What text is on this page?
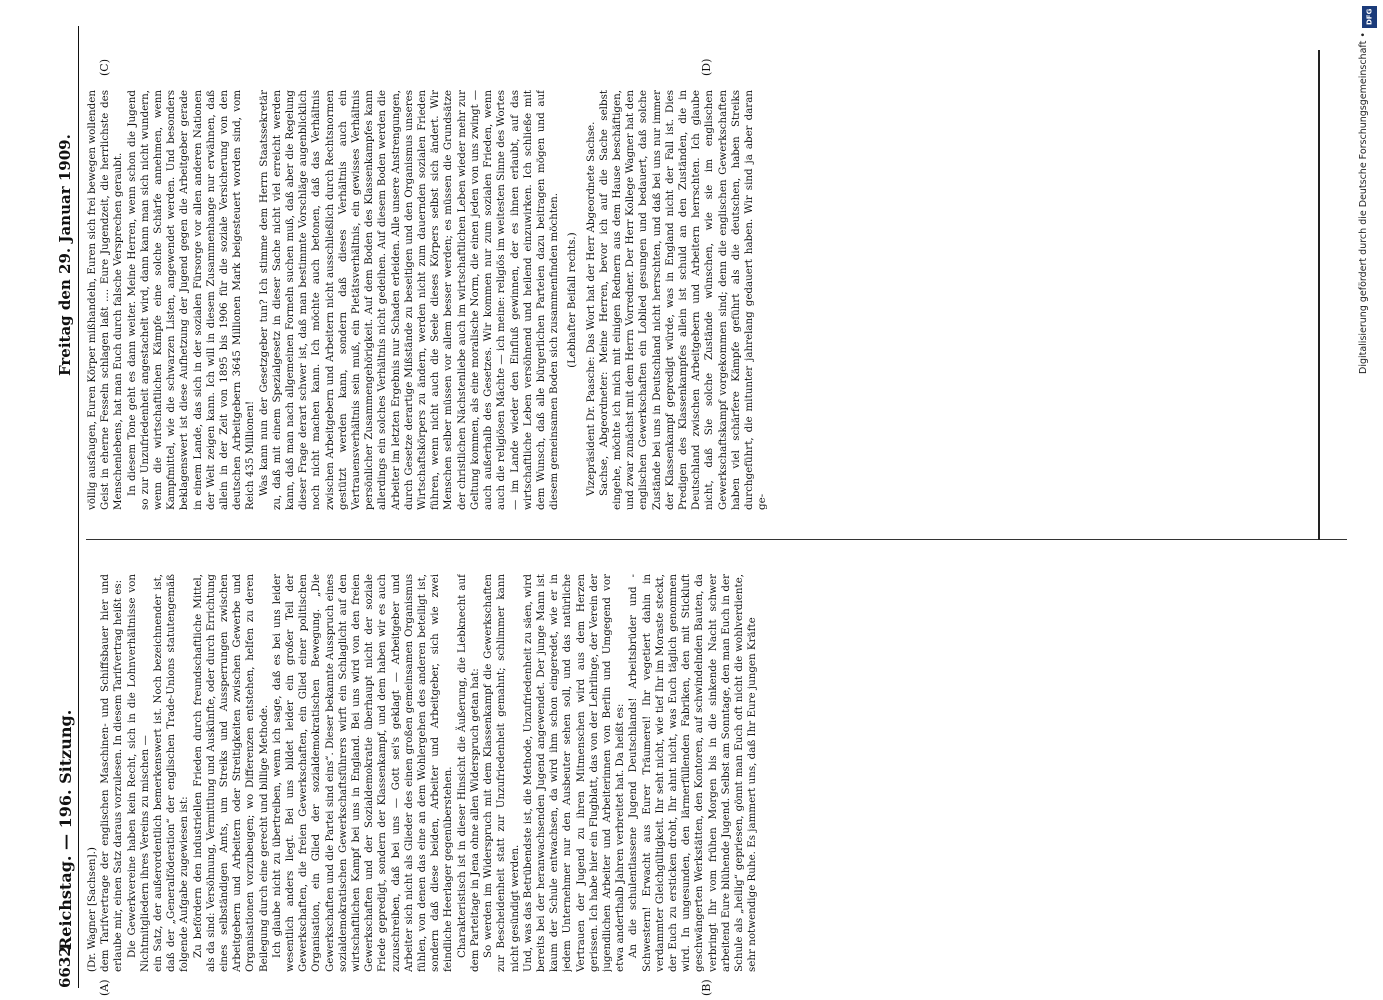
6632
Reichstag. — 196. Sitzung.
Freitag den 29. Januar 1909.
(A)	(B)
(C)	(D)

(Dr. Wagner [Sachsen].) dem Tarifvertrage der englischen Maschinen- und Schiffsbauer hier und erlaube mir, einen Satz daraus vorzulesen. In diesem Tarifvertrag heißt es: Die Gewerkvereine haben kein Recht, sich in die Lohnverhältnisse von Nichtmitgliedern ihres Vereins zu mischen — ein Satz, der außerordentlich bemerkenswert ist. Noch bezeichnender ist, daß der „Generalföderation“ der englischen Trade-Unions statutengemäß folgende Aufgabe zugewiesen ist: Zu befördern den industriellen Frieden durch freundschaftliche Mittel, als da sind: Versöhnung, Vermittlung und Auskünfte, oder durch Errichtung eines selbständigen Amts, um Streiks und Aussperrungen zwischen Arbeitgebern und Arbeitern oder Streitigkeiten zwischen Gewerbe und Organisationen vorzubeugen; wo Differenzen entstehen, helfen zu deren Beilegung durch eine gerecht und billige Methode. Ich glaube nicht zu übertreiben, wenn ich sage, daß es bei uns leider wesentlich anders liegt. Bei uns bildet leider ein großer Teil der Gewerkschaften, die freien Gewerkschaften, ein Glied einer politischen Organisation, ein Glied der sozialdemokratischen Bewegung. „Die Gewerkschaften und die Partei sind eins“. Dieser bekannte Ausspruch eines sozialdemokratischen Gewerkschaftsführers wirft ein Schlaglicht auf den wirtschaftlichen Kampf bei uns in England. Bei uns wird von den freien Gewerkschaften und der Sozialdemokratie überhaupt nicht der soziale Friede gepredigt, sondern der Klassenkampf, und dem haben wir es auch zuzuschreiben, daß bei uns — Gott sei's geklagt — Arbeitgeber und Arbeiter sich nicht als Glieder des einen großen gemeinsamen Organismus fühlen, von denen das eine an dem Wohlergehen des anderen beteiligt ist, sondern daß diese beiden, Arbeiter und Arbeitgeber, sich wie zwei feindliche Heerlager gegenüberstehen. Charakteristisch ist in dieser Hinsicht die Äußerung, die Liebknecht auf dem Parteitage in Jena ohne allen Widerspruch getan hat: So werden im Widerspruch mit dem Klassenkampf die Gewerkschaften zur Bescheidenheit statt zur Unzufriedenheit gemahnt; schlimmer kann nicht gesündigt werden. Und, was das Betrübendste ist, die Methode, Unzufriedenheit zu säen, wird bereits bei der heranwachsenden Jugend angewendet. Der junge Mann ist kaum der Schule entwachsen, da wird ihm schon eingeredet, wie er in jedem Unternehmer nur den Ausbeuter sehen soll, und das natürliche Vertrauen der Jugend zu ihren Mitmenschen wird aus dem Herzen gerissen. Ich habe hier ein Flugblatt, das von der Lehrlinge, der Verein der jugendlichen Arbeiter und Arbeiterinnen von Berlin und Umgegend vor etwa anderthalb Jahren verbreitet hat. Da heißt es: An die schulentlassene Jugend Deutschlands! Arbeitsbrüder und -Schwestern! Erwacht aus Eurer Träumerei! Ihr vegetiert dahin in verdammter Gleichgültigkeit. Ihr seht nicht, wie tief Ihr im Moraste steckt, der Euch zu ersticken droht, Ihr ahnt nicht, was Euch täglich genommen wird. In ungesunden, den lärmerfüllenden Fabriken, den mit Stickluft geschwängerten Werkstätten, den Kontoren, auf schwindelnden Bauten, da verbringt Ihr vom frühen Morgen bis in die sinkende Nacht schwer arbeitend Eure blühende Jugend. Selbst am Sonntage, den man Euch in der Schule als „heilig“ gepriesen, gönnt man Euch oft nicht die wohlverdiente, sehr notwendige Ruhe. Es jammert uns, daß Ihr Eure jungen Kräfte

völlig ausfaugen, Euren Körper mißhandeln, Euren sich frei bewegen wollenden Geist in eherne Fesseln schlagen laßt .... Eure Jugendzeit, die herrlichste des Menschenlebens, hat man Euch durch falsche Versprechen geraubt. In diesem Tone geht es dann weiter. Meine Herren, wenn schon die Jugend so zur Unzufriedenheit angestachelt wird, dann kann man sich nicht wundern, wenn die wirtschaftlichen Kämpfe eine solche Schärfe annehmen, wenn Kampfmittel, wie die schwarzen Listen, angewendet werden. Und besonders beklagenswert ist diese Aufhetzung der Jugend gegen die Arbeitgeber gerade in einem Lande, das sich in der sozialen Fürsorge vor allen anderen Nationen der Welt zeigen kann. Ich will in diesem Zusammenhange nur erwähnen, daß allein in der Zeit von 1895 bis 1906 für die soziale Versicherung von den deutschen Arbeitgebern 3645 Millionen Mark beigesteuert worden sind, vom Reich 435 Millionen! Was kann nun der Gesetzgeber tun? Ich stimme dem Herrn Staatssekretär zu, daß mit einem Spezialgesetz in dieser Sache nicht viel erreicht werden kann, daß man nach allgemeinen Formeln suchen muß, daß aber die Regelung dieser Frage derart schwer ist, daß man bestimmte Vorschläge augenblicklich noch nicht machen kann. Ich möchte auch betonen, daß das Verhältnis zwischen Arbeitgebern und Arbeitern nicht ausschließlich durch Rechtsnormen gestützt werden kann, sondern daß dieses Verhältnis auch ein Vertrauensverhältnis sein muß, ein Pietätsverhältnis, ein gewisses Verhältnis persönlicher Zusammengehörigkeit. Auf dem Boden des Klassenkampfes kann allerdings ein solches Verhältnis nicht gedeihen. Auf diesem Boden werden die Arbeiter im letzten Ergebnis nur Schaden erleiden. Alle unsere Anstrengungen, durch Gesetze derartige Mißstände zu beseitigen und den Organismus unseres Wirtschaftskörpers zu ändern, werden nicht zum dauernden sozialen Frieden führen, wenn nicht auch die Seele dieses Körpers selbst sich ändert. Wir Menschen selber müssen vor allem besser werden; es müssen die Grundsätze der christlichen Nächstenliebe auch im wirtschaftlichen Leben wieder mehr zur Geltung kommen, als eine moralische Norm, die einen jeden von uns zwingt — auch außerhalb des Gesetzes. Wir kommen nur zum sozialen Frieden, wenn auch die religiösen Mächte — ich meine: religiös im weitesten Sinne des Wortes — im Lande wieder den Einfluß gewinnen, der es ihnen erlaubt, auf das wirtschaftliche Leben versöhnend und heilend einzuwirken. Ich schließe mit dem Wunsch, daß alle bürgerlichen Parteien dazu beitragen mögen und auf diesem gemeinsamen Boden sich zusammenfinden möchten. (Lebhafter Beifall rechts.) Vizepräsident Dr. Paasche: Das Wort hat der Herr Abgeordnete Sachse. Sachse, Abgeordneter: Meine Herren, bevor ich auf die Sache selbst eingehe, möchte ich mich mit einigen Rednern aus dem Hause beschäftigen, und zwar zunächst mit dem Herrn Vorredner. Der Herr Kollege Wagner hat den englischen Gewerkschaften ein Loblied gesungen und bedauert, daß solche Zustände bei uns in Deutschland nicht herrschten, und daß bei uns nur immer der Klassenkampf gepredigt würde, was in England nicht der Fall ist. Dies Predigen des Klassenkampfes allein ist schuld an den Zuständen, die in Deutschland zwischen Arbeitgebern und Arbeitern herrschten. Ich glaube nicht, daß Sie solche Zustände wünschen, wie sie im englischen Gewerkschaftskampf vorgekommen sind; denn die englischen Gewerkschaften haben viel schärfere Kämpfe geführt als die deutschen, haben Streiks durchgeführt, die mitunter jahrelang gedauert haben. Wir sind ja aber daran ge-

DFG
Digitalisierung gefördert durch die Deutsche Forschungsgemeinschaft •
